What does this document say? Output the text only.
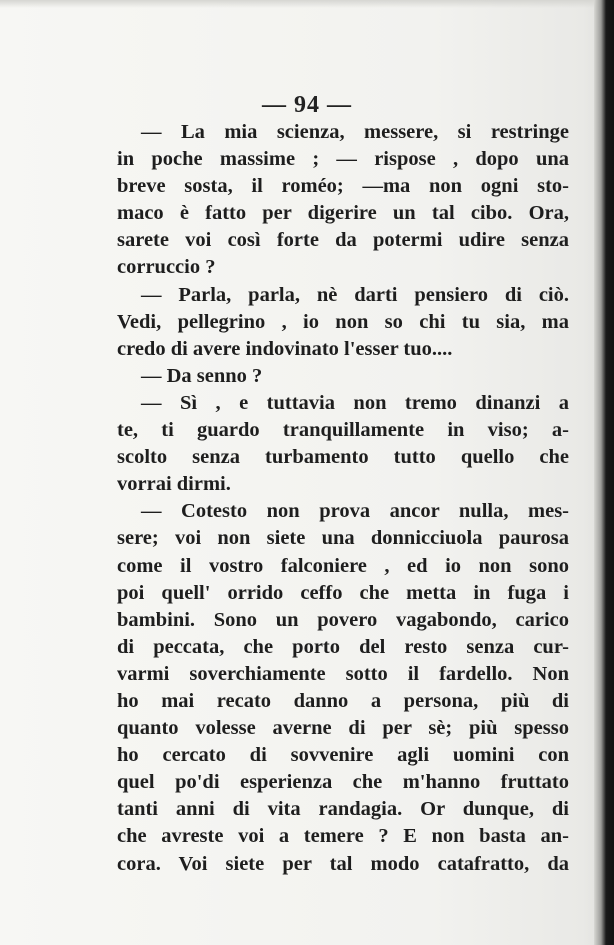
— 94 —
— La mia scienza, messere, si restringe
in poche massime ; — rispose , dopo una
breve sosta, il roméo; —ma non ogni sto-
maco è fatto per digerire un tal cibo. Ora,
sarete voi così forte da potermi udire senza
corruccio ?
— Parla, parla, nè darti pensiero di ciò.
Vedi, pellegrino , io non so chi tu sia, ma
credo di avere indovinato l'esser tuo....
— Da senno ?
— Sì , e tuttavia non tremo dinanzi a
te, ti guardo tranquillamente in viso; a-
scolto senza turbamento tutto quello che
vorrai dirmi.
— Cotesto non prova ancor nulla, mes-
sere; voi non siete una donnicciuola paurosa
come il vostro falconiere , ed io non sono
poi quell' orrido ceffo che metta in fuga i
bambini. Sono un povero vagabondo, carico
di peccata, che porto del resto senza cur-
varmi soverchiamente sotto il fardello. Non
ho mai recato danno a persona, più di
quanto volesse averne di per sè; più spesso
ho cercato di sovvenire agli uomini con
quel po'di esperienza che m'hanno fruttato
tanti anni di vita randagia. Or dunque, di
che avreste voi a temere ? E non basta an-
cora. Voi siete per tal modo catafratto, da
